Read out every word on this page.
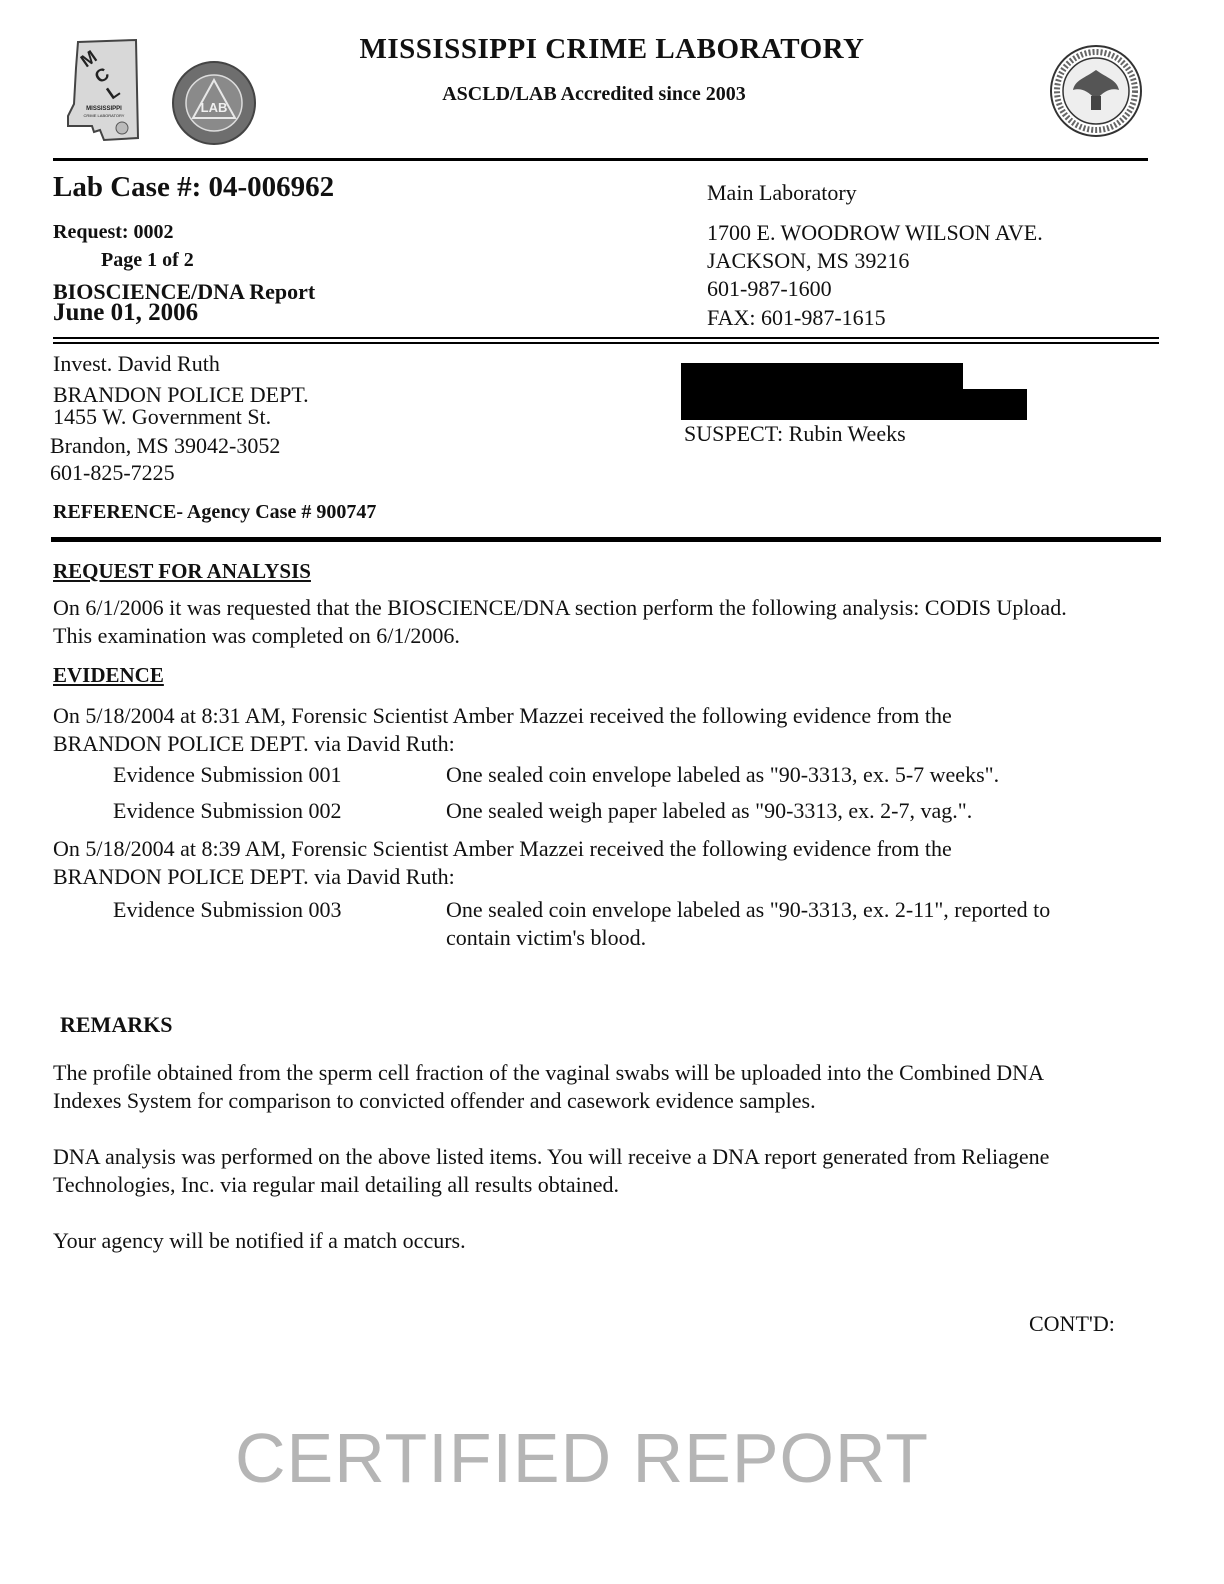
M
C
L
MISSISSIPPI
CRIME LABORATORY
LAB
MISSISSIPPI CRIME LABORATORY
ASCLD/LAB Accredited since 2003
Lab Case #: 04-006962
Request: 0002
Page 1 of 2
BIOSCIENCE/DNA Report
June 01, 2006
Main Laboratory
1700 E. WOODROW WILSON AVE.
JACKSON, MS 39216
601-987-1600
FAX: 601-987-1615
Invest. David Ruth
BRANDON POLICE DEPT.
1455 W. Government St.
Brandon, MS 39042-3052
601-825-7225
SUSPECT: Rubin Weeks
REFERENCE- Agency Case # 900747
REQUEST FOR ANALYSIS
On 6/1/2006 it was requested that the BIOSCIENCE/DNA section perform the following analysis: CODIS Upload.
This examination was completed on 6/1/2006.
EVIDENCE
On 5/18/2004 at 8:31 AM, Forensic Scientist Amber Mazzei received the following evidence from the
BRANDON POLICE DEPT. via David Ruth:
Evidence Submission 001	One sealed coin envelope labeled as "90-3313, ex. 5-7 weeks".
Evidence Submission 002	One sealed weigh paper labeled as "90-3313, ex. 2-7, vag.".
On 5/18/2004 at 8:39 AM, Forensic Scientist Amber Mazzei received the following evidence from the
BRANDON POLICE DEPT. via David Ruth:
Evidence Submission 003	One sealed coin envelope labeled as "90-3313, ex. 2-11", reported to
contain victim's blood.
REMARKS
The profile obtained from the sperm cell fraction of the vaginal swabs will be uploaded into the Combined DNA
Indexes System for comparison to convicted offender and casework evidence samples.
DNA analysis was performed on the above listed items. You will receive a DNA report generated from Reliagene
Technologies, Inc. via regular mail detailing all results obtained.
Your agency will be notified if a match occurs.
CONT'D:
CERTIFIED REPORT
